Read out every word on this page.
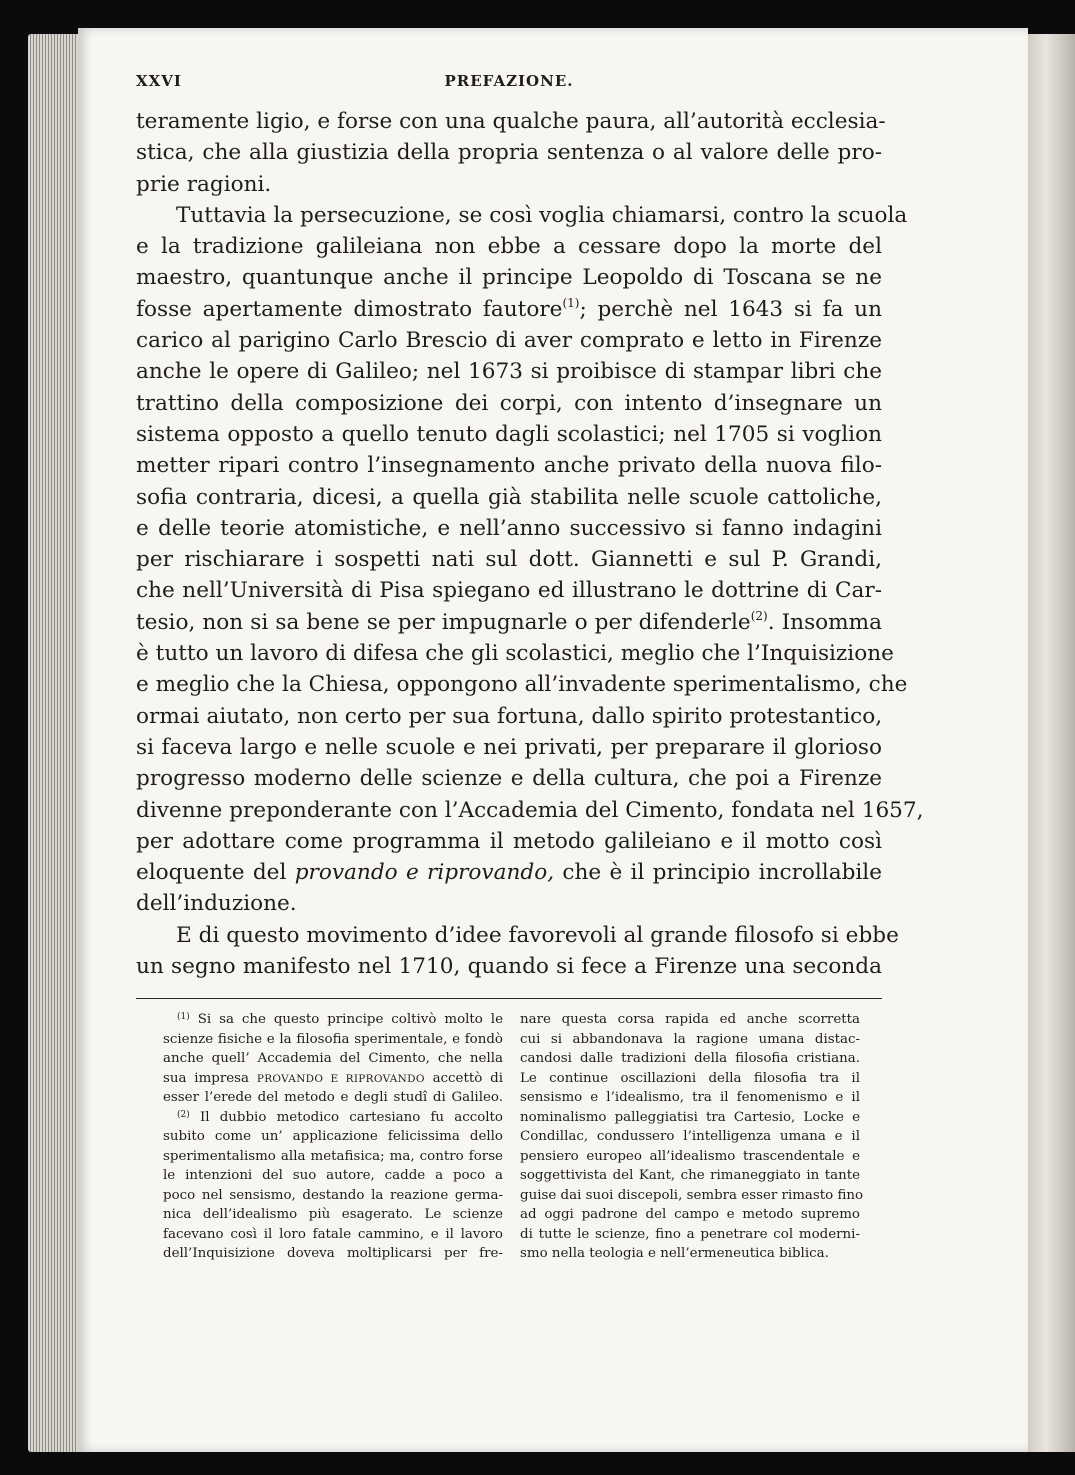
XXVI	PREFAZIONE.
teramente ligio, e forse con una qualche paura, all’autorità ecclesia-
stica, che alla giustizia della propria sentenza o al valore delle pro-
prie ragioni.
Tuttavia la persecuzione, se così voglia chiamarsi, contro la scuola
e la tradizione galileiana non ebbe a cessare dopo la morte del
maestro, quantunque anche il principe Leopoldo di Toscana se ne
fosse apertamente dimostrato fautore$^{(1)}$; perchè nel 1643 si fa un
carico al parigino Carlo Brescio di aver comprato e letto in Firenze
anche le opere di Galileo; nel 1673 si proibisce di stampar libri che
trattino della composizione dei corpi, con intento d’insegnare un
sistema opposto a quello tenuto dagli scolastici; nel 1705 si voglion
metter ripari contro l’insegnamento anche privato della nuova filo-
sofia contraria, dicesi, a quella già stabilita nelle scuole cattoliche,
e delle teorie atomistiche, e nell’anno successivo si fanno indagini
per rischiarare i sospetti nati sul dott. Giannetti e sul P. Grandi,
che nell’Università di Pisa spiegano ed illustrano le dottrine di Car-
tesio, non si sa bene se per impugnarle o per difenderle$^{(2)}$. Insomma
è tutto un lavoro di difesa che gli scolastici, meglio che l’Inquisizione
e meglio che la Chiesa, oppongono all’invadente sperimentalismo, che
ormai aiutato, non certo per sua fortuna, dallo spirito protestantico,
si faceva largo e nelle scuole e nei privati, per preparare il glorioso
progresso moderno delle scienze e della cultura, che poi a Firenze
divenne preponderante con l’Accademia del Cimento, fondata nel 1657,
per adottare come programma il metodo galileiano e il motto così
eloquente del provando e riprovando, che è il principio incrollabile
dell’induzione.
E di questo movimento d’idee favorevoli al grande filosofo si ebbe
un segno manifesto nel 1710, quando si fece a Firenze una seconda
$^{(1)}$ Si sa che questo principe coltivò molto le
scienze fisiche e la filosofia sperimentale, e fondò
anche quell’ Accademia del Cimento, che nella
sua impresa PROVANDO E RIPROVANDO accettò di
esser l’erede del metodo e degli studî di Galileo.
$^{(2)}$ Il dubbio metodico cartesiano fu accolto
subito come un’ applicazione felicissima dello
sperimentalismo alla metafisica; ma, contro forse
le intenzioni del suo autore, cadde a poco a
poco nel sensismo, destando la reazione germa-
nica dell’idealismo più esagerato. Le scienze
facevano così il loro fatale cammino, e il lavoro
dell’Inquisizione doveva moltiplicarsi per fre-
nare questa corsa rapida ed anche scorretta
cui si abbandonava la ragione umana distac-
candosi dalle tradizioni della filosofia cristiana.
Le continue oscillazioni della filosofia tra il
sensismo e l’idealismo, tra il fenomenismo e il
nominalismo palleggiatisi tra Cartesio, Locke e
Condillac, condussero l’intelligenza umana e il
pensiero europeo all’idealismo trascendentale e
soggettivista del Kant, che rimaneggiato in tante
guise dai suoi discepoli, sembra esser rimasto fino
ad oggi padrone del campo e metodo supremo
di tutte le scienze, fino a penetrare col moderni-
smo nella teologia e nell’ermeneutica biblica.
